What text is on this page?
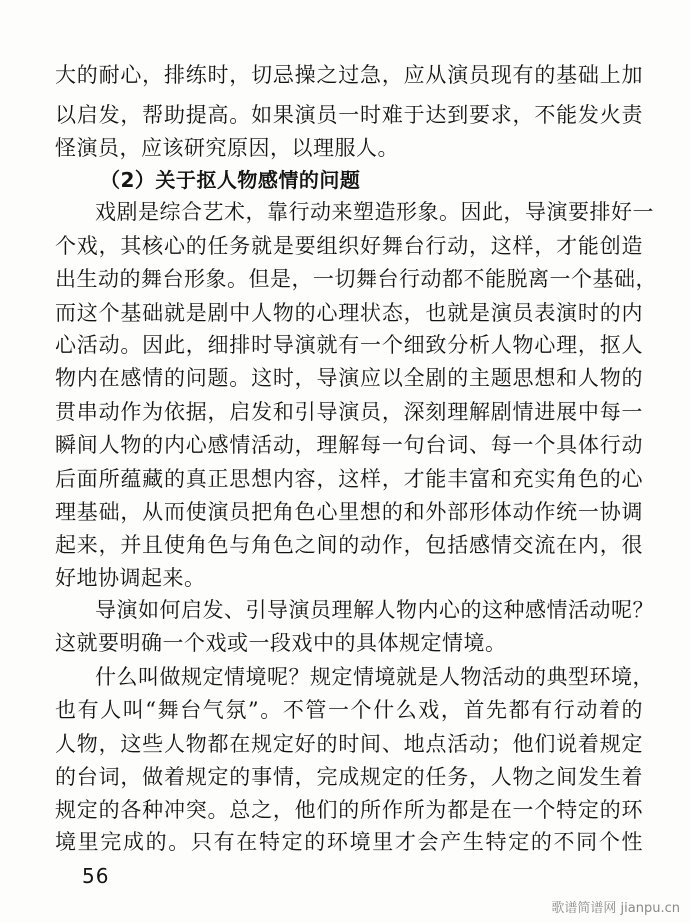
大的耐心，排练时，切忌操之过急，应从演员现有的基础上加
以启发，帮助提高。如果演员一时难于达到要求，不能发火责
怪演员，应该研究原因，以理服人。
（2）关于抠人物感情的问题
戏剧是综合艺术，靠行动来塑造形象。因此，导演要排好一
个戏，其核心的任务就是要组织好舞台行动，这样，才能创造
出生动的舞台形象。但是，一切舞台行动都不能脱离一个基础，
而这个基础就是剧中人物的心理状态，也就是演员表演时的内
心活动。因此，细排时导演就有一个细致分析人物心理，抠人
物内在感情的问题。这时，导演应以全剧的主题思想和人物的
贯串动作为依据，启发和引导演员，深刻理解剧情进展中每一
瞬间人物的内心感情活动，理解每一句台词、每一个具体行动
后面所蕴藏的真正思想内容，这样，才能丰富和充实角色的心
理基础，从而使演员把角色心里想的和外部形体动作统一协调
起来，并且使角色与角色之间的动作，包括感情交流在内，很
好地协调起来。
导演如何启发、引导演员理解人物内心的这种感情活动呢？
这就要明确一个戏或一段戏中的具体规定情境。
什么叫做规定情境呢？规定情境就是人物活动的典型环境，
也有人叫“舞台气氛”。不管一个什么戏，首先都有行动着的
人物，这些人物都在规定好的时间、地点活动；他们说着规定
的台词，做着规定的事情，完成规定的任务，人物之间发生着
规定的各种冲突。总之，他们的所作所为都是在一个特定的环
境里完成的。只有在特定的环境里才会产生特定的不同个性
56
歌谱简谱网 jianpu.cn
